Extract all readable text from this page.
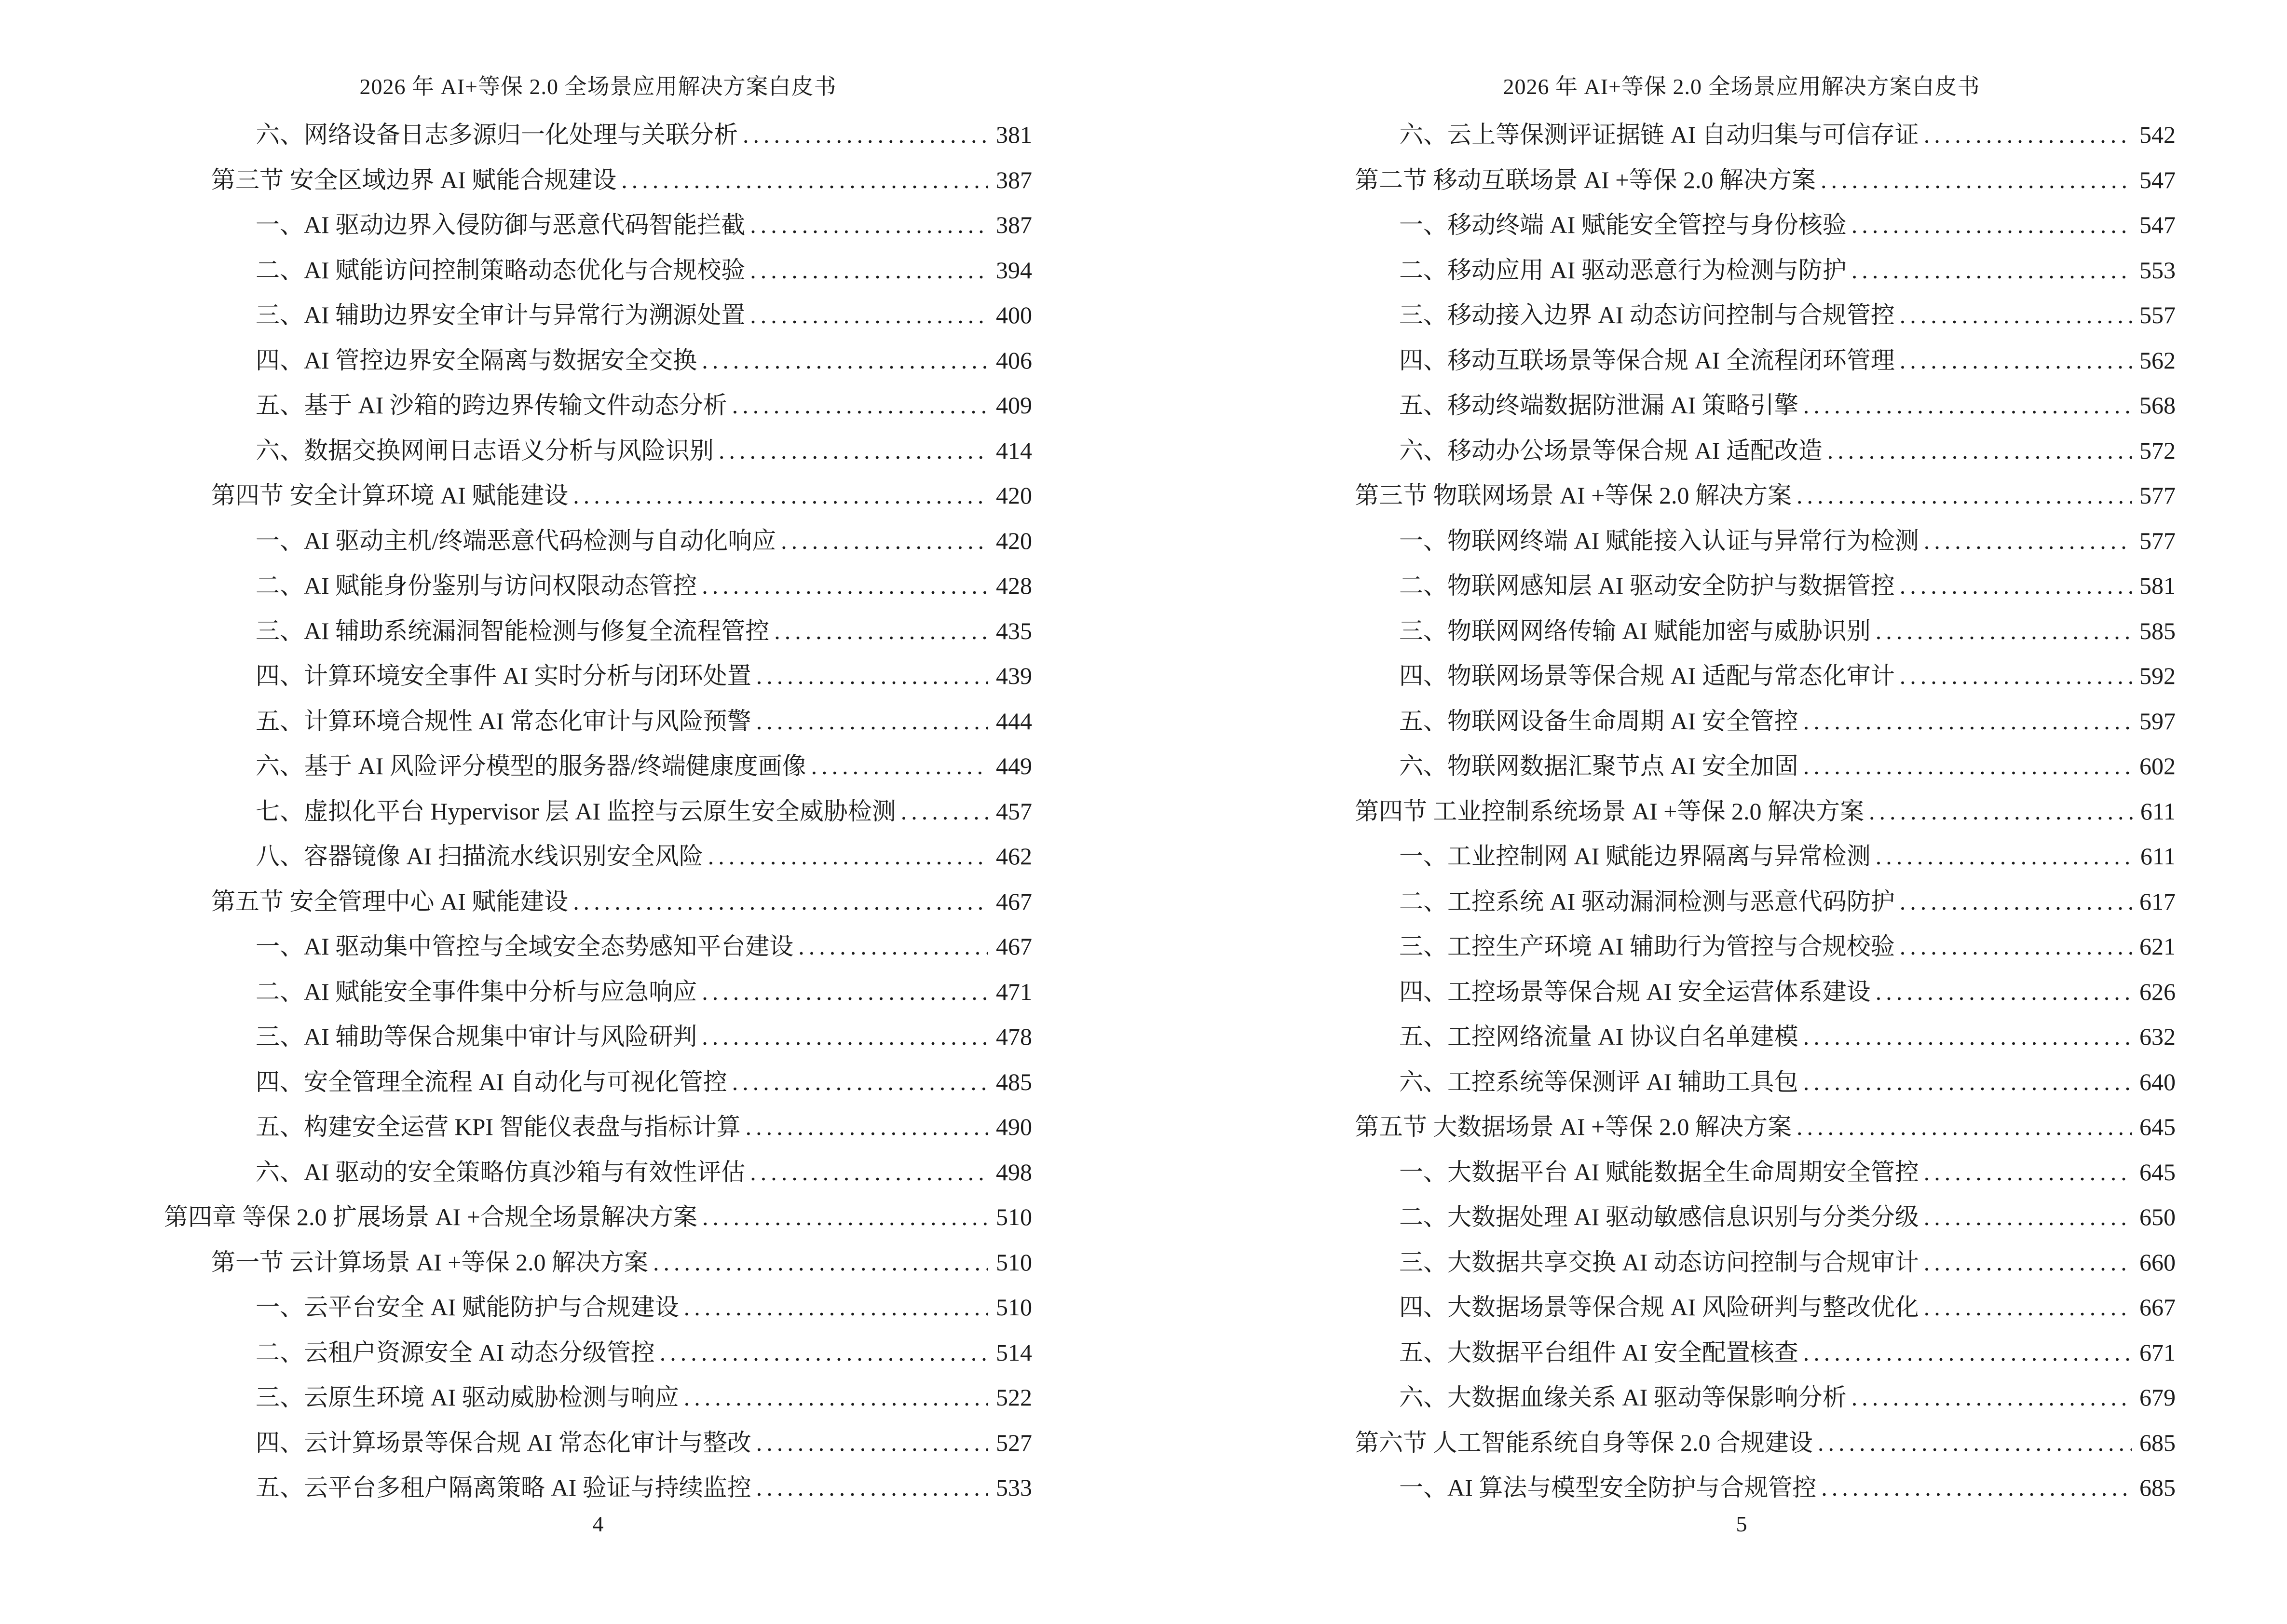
2026 年 AI+等保 2.0 全场景应用解决方案白皮书
六、网络设备日志多源归一化处理与关联分析 .....	381
第三节 安全区域边界 AI 赋能合规建设 .....	387
一、AI 驱动边界入侵防御与恶意代码智能拦截 .....	387
二、AI 赋能访问控制策略动态优化与合规校验 .....	394
三、AI 辅助边界安全审计与异常行为溯源处置 .....	400
四、AI 管控边界安全隔离与数据安全交换 .....	406
五、基于 AI 沙箱的跨边界传输文件动态分析 .....	409
六、数据交换网闸日志语义分析与风险识别 .....	414
第四节 安全计算环境 AI 赋能建设 .....	420
一、AI 驱动主机/终端恶意代码检测与自动化响应 .....	420
二、AI 赋能身份鉴别与访问权限动态管控 .....	428
三、AI 辅助系统漏洞智能检测与修复全流程管控 .....	435
四、计算环境安全事件 AI 实时分析与闭环处置 .....	439
五、计算环境合规性 AI 常态化审计与风险预警 .....	444
六、基于 AI 风险评分模型的服务器/终端健康度画像 .....	449
七、虚拟化平台 Hypervisor 层 AI 监控与云原生安全威胁检测 .....	457
八、容器镜像 AI 扫描流水线识别安全风险 .....	462
第五节 安全管理中心 AI 赋能建设 .....	467
一、AI 驱动集中管控与全域安全态势感知平台建设 .....	467
二、AI 赋能安全事件集中分析与应急响应 .....	471
三、AI 辅助等保合规集中审计与风险研判 .....	478
四、安全管理全流程 AI 自动化与可视化管控 .....	485
五、构建安全运营 KPI 智能仪表盘与指标计算 .....	490
六、AI 驱动的安全策略仿真沙箱与有效性评估 .....	498
第四章 等保 2.0 扩展场景 AI +合规全场景解决方案 .....	510
第一节 云计算场景 AI +等保 2.0 解决方案 .....	510
一、云平台安全 AI 赋能防护与合规建设 .....	510
二、云租户资源安全 AI 动态分级管控 .....	514
三、云原生环境 AI 驱动威胁检测与响应 .....	522
四、云计算场景等保合规 AI 常态化审计与整改 .....	527
五、云平台多租户隔离策略 AI 验证与持续监控 .....	533
4
2026 年 AI+等保 2.0 全场景应用解决方案白皮书
六、云上等保测评证据链 AI 自动归集与可信存证 .....	542
第二节 移动互联场景 AI +等保 2.0 解决方案 .....	547
一、移动终端 AI 赋能安全管控与身份核验 .....	547
二、移动应用 AI 驱动恶意行为检测与防护 .....	553
三、移动接入边界 AI 动态访问控制与合规管控 .....	557
四、移动互联场景等保合规 AI 全流程闭环管理 .....	562
五、移动终端数据防泄漏 AI 策略引擎 .....	568
六、移动办公场景等保合规 AI 适配改造 .....	572
第三节 物联网场景 AI +等保 2.0 解决方案 .....	577
一、物联网终端 AI 赋能接入认证与异常行为检测 .....	577
二、物联网感知层 AI 驱动安全防护与数据管控 .....	581
三、物联网网络传输 AI 赋能加密与威胁识别 .....	585
四、物联网场景等保合规 AI 适配与常态化审计 .....	592
五、物联网设备生命周期 AI 安全管控 .....	597
六、物联网数据汇聚节点 AI 安全加固 .....	602
第四节 工业控制系统场景 AI +等保 2.0 解决方案 .....	611
一、工业控制网 AI 赋能边界隔离与异常检测 .....	611
二、工控系统 AI 驱动漏洞检测与恶意代码防护 .....	617
三、工控生产环境 AI 辅助行为管控与合规校验 .....	621
四、工控场景等保合规 AI 安全运营体系建设 .....	626
五、工控网络流量 AI 协议白名单建模 .....	632
六、工控系统等保测评 AI 辅助工具包 .....	640
第五节 大数据场景 AI +等保 2.0 解决方案 .....	645
一、大数据平台 AI 赋能数据全生命周期安全管控 .....	645
二、大数据处理 AI 驱动敏感信息识别与分类分级 .....	650
三、大数据共享交换 AI 动态访问控制与合规审计 .....	660
四、大数据场景等保合规 AI 风险研判与整改优化 .....	667
五、大数据平台组件 AI 安全配置核查 .....	671
六、大数据血缘关系 AI 驱动等保影响分析 .....	679
第六节 人工智能系统自身等保 2.0 合规建设 .....	685
一、AI 算法与模型安全防护与合规管控 .....	685
5
